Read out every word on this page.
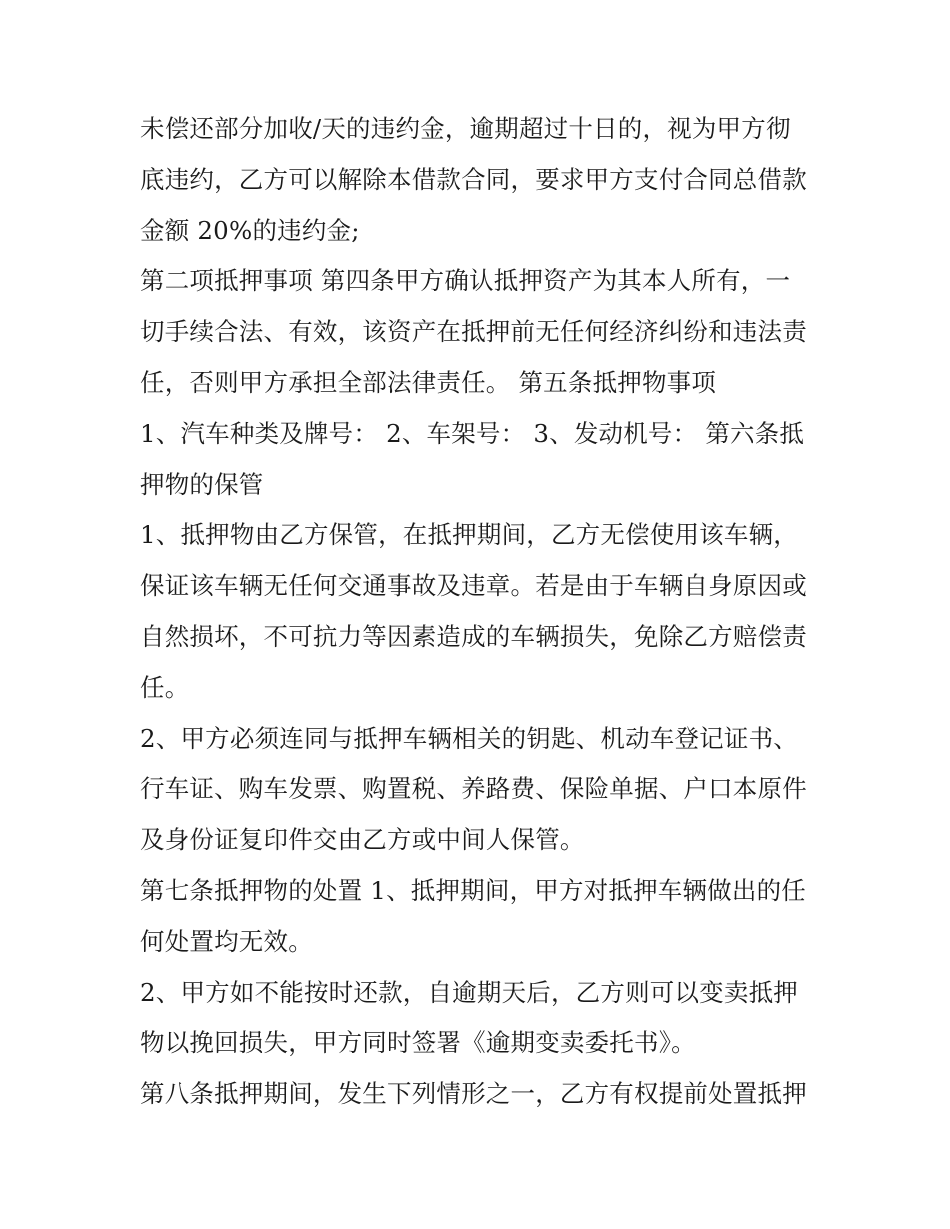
未偿还部分加收/天的违约金，逾期超过十日的，视为甲方彻
底违约，乙方可以解除本借款合同，要求甲方支付合同总借款
金额 20%的违约金;
第二项抵押事项 第四条甲方确认抵押资产为其本人所有，一
切手续合法、有效，该资产在抵押前无任何经济纠纷和违法责
任，否则甲方承担全部法律责任。 第五条抵押物事项
1、汽车种类及牌号： 2、车架号： 3、发动机号： 第六条抵
押物的保管
1、抵押物由乙方保管，在抵押期间，乙方无偿使用该车辆，
保证该车辆无任何交通事故及违章。若是由于车辆自身原因或
自然损坏，不可抗力等因素造成的车辆损失，免除乙方赔偿责
任。
2、甲方必须连同与抵押车辆相关的钥匙、机动车登记证书、
行车证、购车发票、购置税、养路费、保险单据、户口本原件
及身份证复印件交由乙方或中间人保管。
第七条抵押物的处置 1、抵押期间，甲方对抵押车辆做出的任
何处置均无效。
2、甲方如不能按时还款，自逾期天后，乙方则可以变卖抵押
物以挽回损失，甲方同时签署《逾期变卖委托书》。
第八条抵押期间，发生下列情形之一，乙方有权提前处置抵押
